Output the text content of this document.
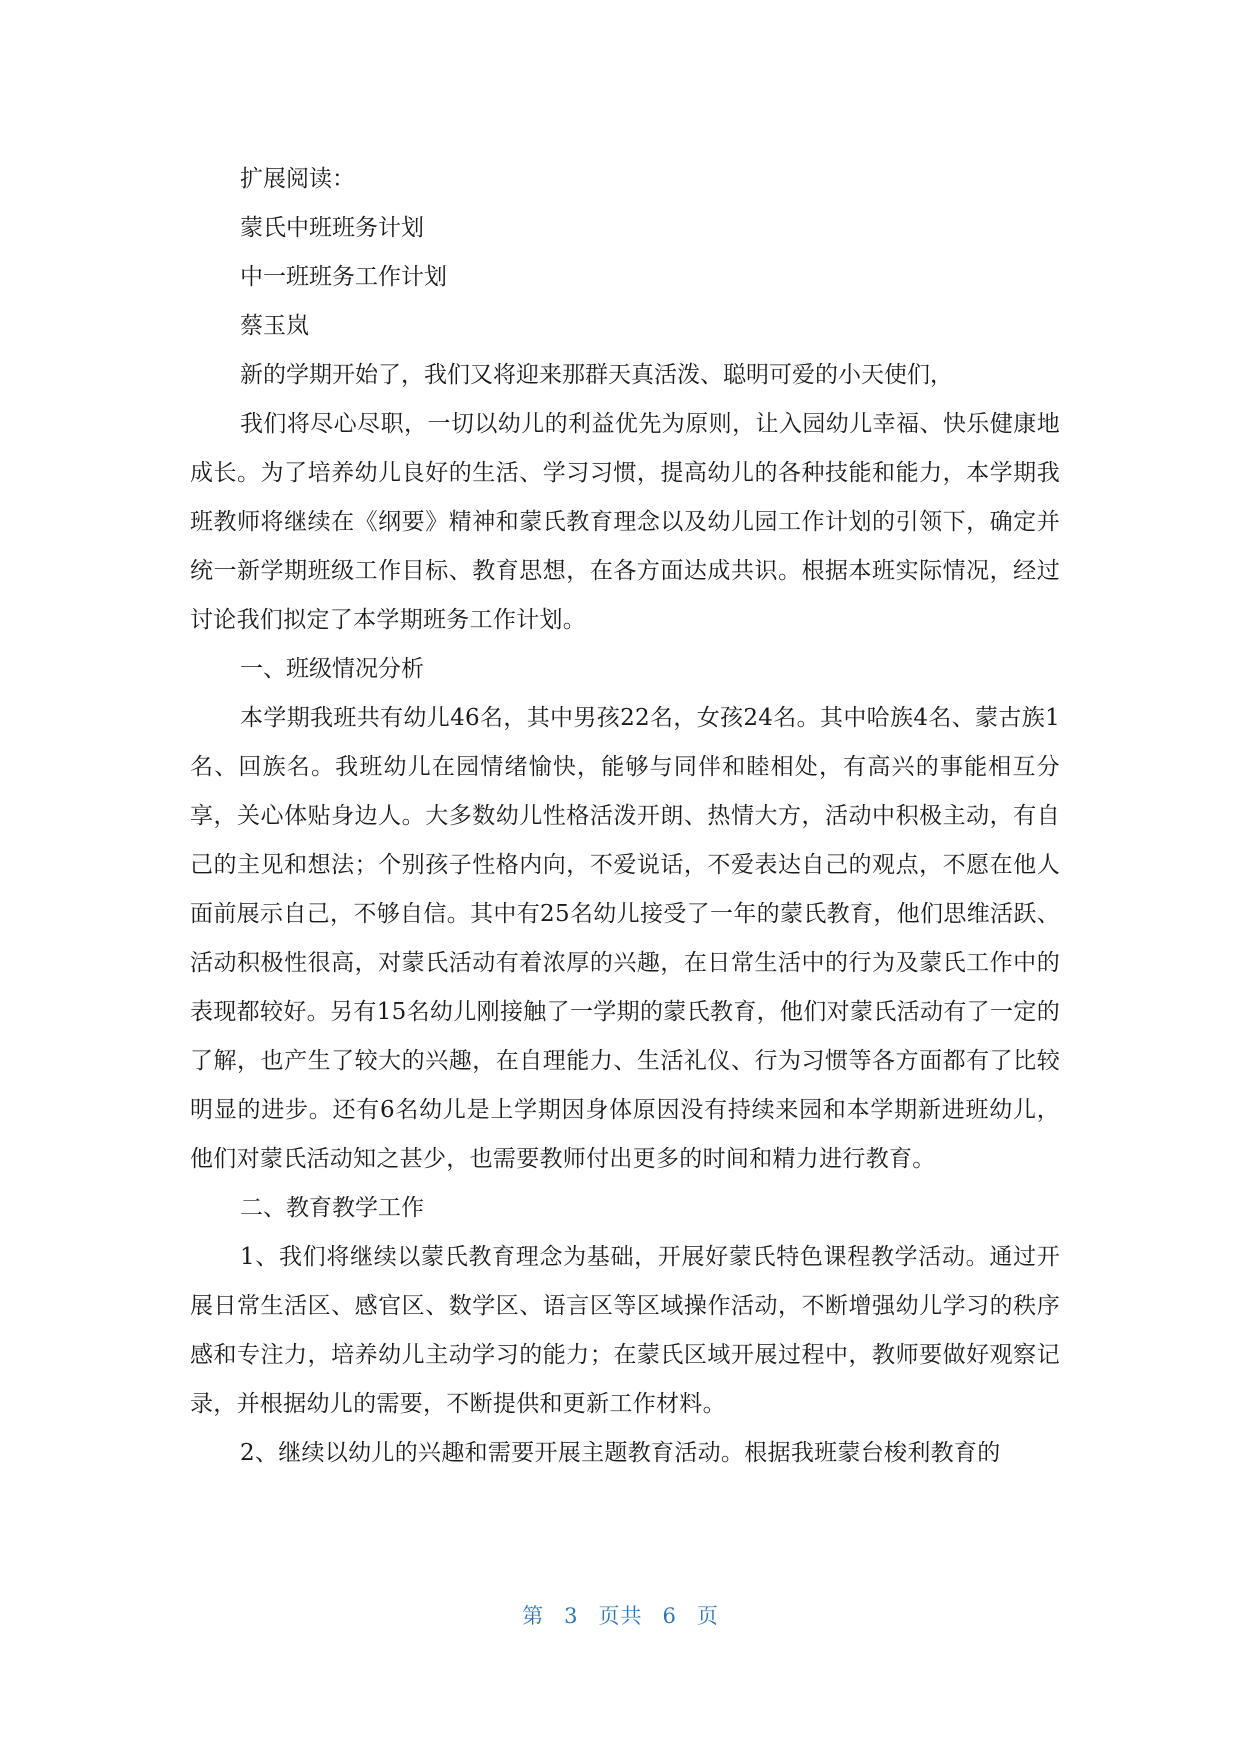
扩展阅读：

蒙氏中班班务计划

中一班班务工作计划

蔡玉岚

新的学期开始了，我们又将迎来那群天真活泼、聪明可爱的小天使们，

我们将尽心尽职，一切以幼儿的利益优先为原则，让入园幼儿幸福、快乐健康地成长。为了培养幼儿良好的生活、学习习惯，提高幼儿的各种技能和能力，本学期我班教师将继续在《纲要》精神和蒙氏教育理念以及幼儿园工作计划的引领下，确定并统一新学期班级工作目标、教育思想，在各方面达成共识。根据本班实际情况，经过讨论我们拟定了本学期班务工作计划。

一、班级情况分析

本学期我班共有幼儿46名，其中男孩22名，女孩24名。其中哈族4名、蒙古族1名、回族名。我班幼儿在园情绪愉快，能够与同伴和睦相处，有高兴的事能相互分享，关心体贴身边人。大多数幼儿性格活泼开朗、热情大方，活动中积极主动，有自己的主见和想法；个别孩子性格内向，不爱说话，不爱表达自己的观点，不愿在他人面前展示自己，不够自信。其中有25名幼儿接受了一年的蒙氏教育，他们思维活跃、活动积极性很高，对蒙氏活动有着浓厚的兴趣，在日常生活中的行为及蒙氏工作中的表现都较好。另有15名幼儿刚接触了一学期的蒙氏教育，他们对蒙氏活动有了一定的了解，也产生了较大的兴趣，在自理能力、生活礼仪、行为习惯等各方面都有了比较明显的进步。还有6名幼儿是上学期因身体原因没有持续来园和本学期新进班幼儿，他们对蒙氏活动知之甚少，也需要教师付出更多的时间和精力进行教育。

二、教育教学工作

1、我们将继续以蒙氏教育理念为基础，开展好蒙氏特色课程教学活动。通过开展日常生活区、感官区、数学区、语言区等区域操作活动，不断增强幼儿学习的秩序感和专注力，培养幼儿主动学习的能力；在蒙氏区域开展过程中，教师要做好观察记录，并根据幼儿的需要，不断提供和更新工作材料。

2、继续以幼儿的兴趣和需要开展主题教育活动。根据我班蒙台梭利教育的

第 3 页共 6 页
